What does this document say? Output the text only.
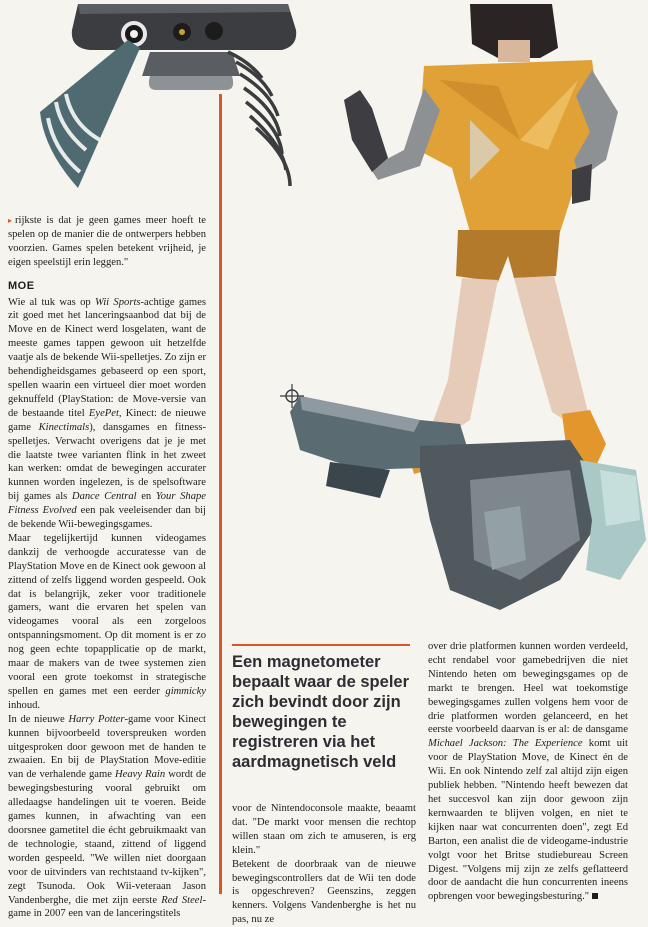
▸ rijkste is dat je geen games meer hoeft te spelen op de manier die de ontwerpers hebben voorzien. Games spelen betekent vrijheid, je eigen speelstijl erin leggen."

MOE

Wie al tuk was op Wii Sports-achtige games zit goed met het lanceringsaanbod dat bij de Move en de Kinect werd losgelaten, want de meeste games tappen gewoon uit hetzelfde vaatje als de bekende Wii-spelletjes. Zo zijn er behendigheidsgames gebaseerd op een sport, spellen waarin een virtueel dier moet worden geknuffeld (PlayStation: de Move-versie van de bestaande titel EyePet, Kinect: de nieuwe game Kinectimals), dansgames en fitness-spelletjes. Verwacht overigens dat je je met die laatste twee varianten flink in het zweet kan werken: omdat de bewegingen accurater kunnen worden ingelezen, is de spelsoftware bij games als Dance Central en Your Shape Fitness Evolved een pak veeleisender dan bij de bekende Wii-bewegingsgames.

Maar tegelijkertijd kunnen videogames dankzij de verhoogde accuratesse van de PlayStation Move en de Kinect ook gewoon al zittend of zelfs liggend worden gespeeld. Ook dat is belangrijk, zeker voor traditionele gamers, want die ervaren het spelen van videogames vooral als een zorgeloos ontspanningsmoment. Op dit moment is er zo nog geen echte topapplicatie op de markt, maar de makers van de twee systemen zien vooral een grote toekomst in strategische spellen en games met een eerder gimmicky inhoud.

In de nieuwe Harry Potter-game voor Kinect kunnen bijvoorbeeld toverspreuken worden uitgesproken door gewoon met de handen te zwaaien. En bij de PlayStation Move-editie van de verhalende game Heavy Rain wordt de bewegingsbesturing vooral gebruikt om alledaagse handelingen uit te voeren. Beide games kunnen, in afwachting van een doorsnee gametitel die écht gebruikmaakt van de technologie, staand, zittend of liggend worden gespeeld. "We willen niet doorgaan voor de uitvinders van rechtstaand tv-kijken", zegt Tsunoda. Ook Wii-veteraan Jason Vandenberghe, die met zijn eerste Red Steel-game in 2007 een van de lanceringstitels

Een magnetometer bepaalt waar de speler zich bevindt door zijn bewegingen te registreren via het aardmagnetisch veld

voor de Nintendoconsole maakte, beaamt dat. "De markt voor mensen die rechtop willen staan om zich te amuseren, is erg klein."

Betekent de doorbraak van de nieuwe bewegingscontrollers dat de Wii ten dode is opgeschreven? Geenszins, zeggen kenners. Volgens Vandenberghe is het nu pas, nu ze

over drie platformen kunnen worden verdeeld, echt rendabel voor gamebedrijven die niet Nintendo heten om bewegingsgames op de markt te brengen. Heel wat toekomstige bewegingsgames zullen volgens hem voor de drie platformen worden gelanceerd, en het eerste voorbeeld daarvan is er al: de dansgame Michael Jackson: The Experience komt uit voor de PlayStation Move, de Kinect én de Wii. En ook Nintendo zelf zal altijd zijn eigen publiek hebben. "Nintendo heeft bewezen dat het succesvol kan zijn door gewoon zijn kernwaarden te blijven volgen, en niet te kijken naar wat concurrenten doen", zegt Ed Barton, een analist die de videogame-industrie volgt voor het Britse studiebureau Screen Digest. "Volgens mij zijn ze zelfs geflatteerd door de aandacht die hun concurrenten ineens opbrengen voor bewegingsbesturing."
